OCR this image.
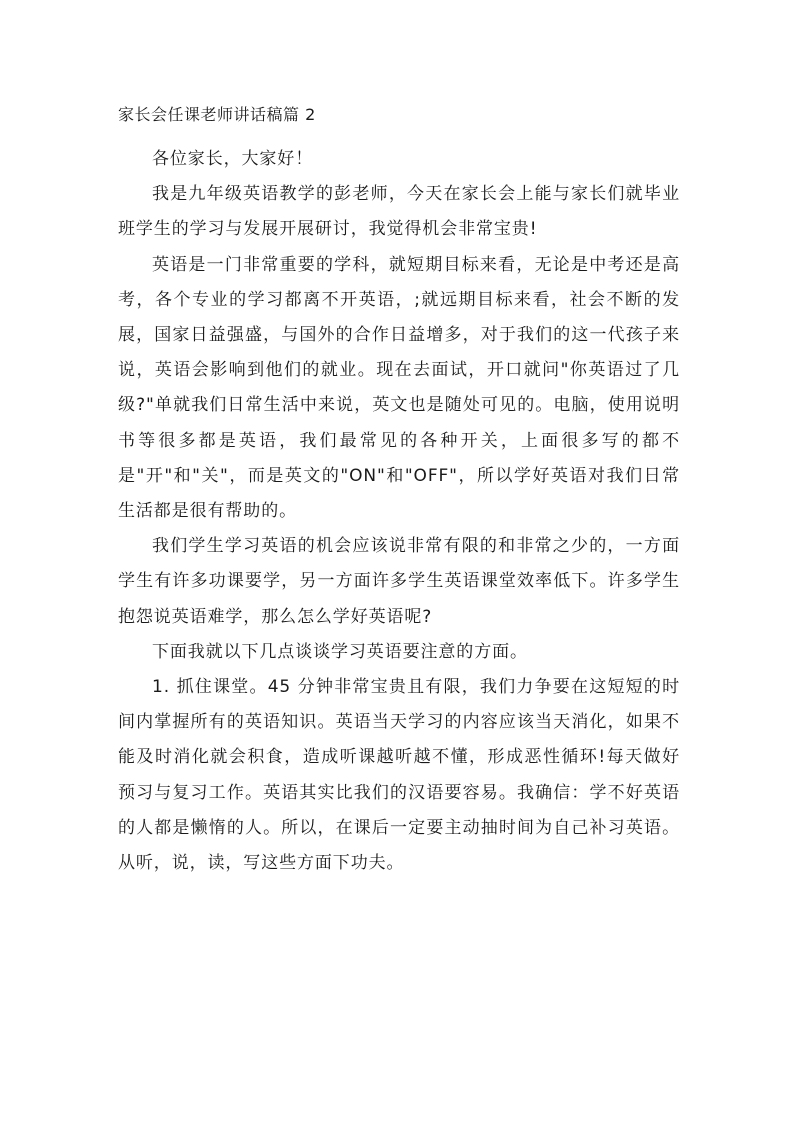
家长会任课老师讲话稿篇 2

各位家长，大家好！

我是九年级英语教学的彭老师，今天在家长会上能与家长们就毕业班学生的学习与发展开展研讨，我觉得机会非常宝贵!

英语是一门非常重要的学科，就短期目标来看，无论是中考还是高考，各个专业的学习都离不开英语，;就远期目标来看，社会不断的发展，国家日益强盛，与国外的合作日益增多，对于我们的这一代孩子来说，英语会影响到他们的就业。现在去面试，开口就问"你英语过了几级?"单就我们日常生活中来说，英文也是随处可见的。电脑，使用说明书等很多都是英语，我们最常见的各种开关，上面很多写的都不是"开"和"关"，而是英文的"ON"和"OFF"，所以学好英语对我们日常生活都是很有帮助的。

我们学生学习英语的机会应该说非常有限的和非常之少的，一方面学生有许多功课要学，另一方面许多学生英语课堂效率低下。许多学生抱怨说英语难学，那么怎么学好英语呢?

下面我就以下几点谈谈学习英语要注意的方面。

1. 抓住课堂。45 分钟非常宝贵且有限，我们力争要在这短短的时间内掌握所有的英语知识。英语当天学习的内容应该当天消化，如果不能及时消化就会积食，造成听课越听越不懂，形成恶性循环!每天做好预习与复习工作。英语其实比我们的汉语要容易。我确信：学不好英语的人都是懒惰的人。所以，在课后一定要主动抽时间为自己补习英语。从听，说，读，写这些方面下功夫。
